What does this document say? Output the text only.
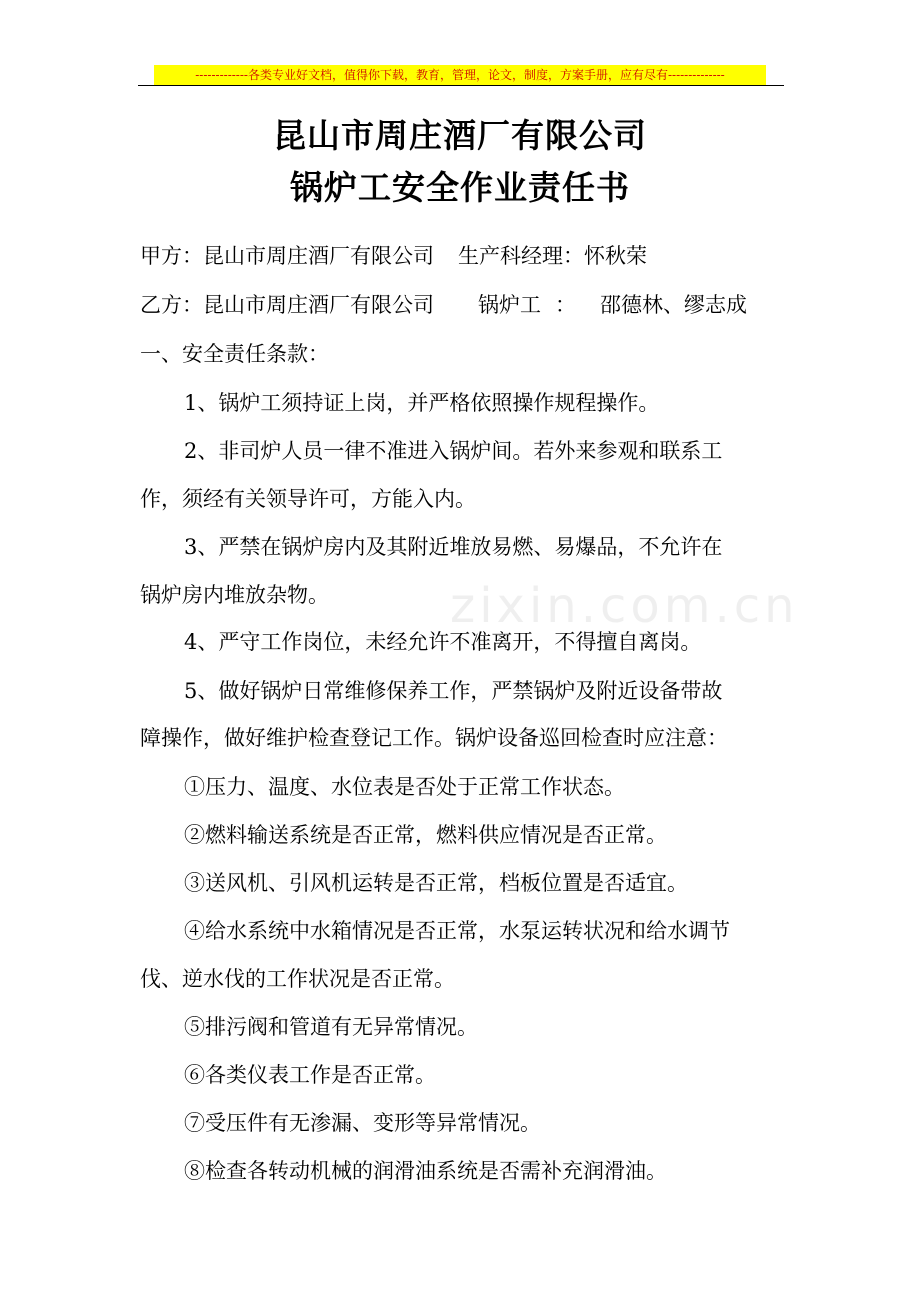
-------------各类专业好文档，值得你下载，教育，管理，论文，制度，方案手册，应有尽有--------------
昆山市周庄酒厂有限公司
锅炉工安全作业责任书
甲方：昆山市周庄酒厂有限公司 生产科经理：怀秋荣
乙方：昆山市周庄酒厂有限公司 锅炉工 ： 邵德林、缪志成
一、安全责任条款：
1、锅炉工须持证上岗，并严格依照操作规程操作。
2、非司炉人员一律不准进入锅炉间。若外来参观和联系工
作，须经有关领导许可，方能入内。
3、严禁在锅炉房内及其附近堆放易燃、易爆品，不允许在
锅炉房内堆放杂物。
4、严守工作岗位，未经允许不准离开，不得擅自离岗。
5、做好锅炉日常维修保养工作，严禁锅炉及附近设备带故
障操作，做好维护检查登记工作。锅炉设备巡回检查时应注意：
①压力、温度、水位表是否处于正常工作状态。
②燃料输送系统是否正常，燃料供应情况是否正常。
③送风机、引风机运转是否正常，档板位置是否适宜。
④给水系统中水箱情况是否正常，水泵运转状况和给水调节
伐、逆水伐的工作状况是否正常。
⑤排污阀和管道有无异常情况。
⑥各类仪表工作是否正常。
⑦受压件有无渗漏、变形等异常情况。
⑧检查各转动机械的润滑油系统是否需补充润滑油。
zixin.com.cn
